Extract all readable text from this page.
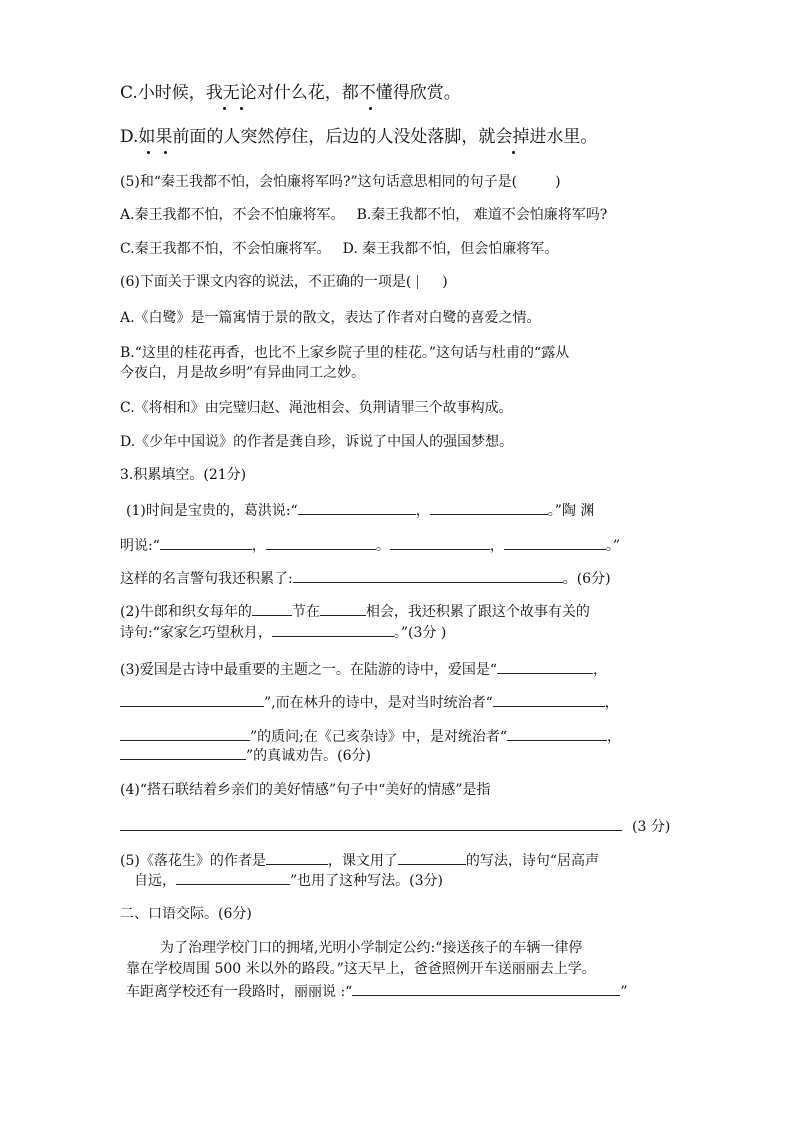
C.小时候，我无论对什么花，都不懂得欣赏。
D.如果前面的人突然停住，后边的人没处落脚，就会掉进水里。
(5)和“秦王我都不怕，会怕廉将军吗?”这句话意思相同的句子是(	)
A.秦王我都不怕，不会不怕廉将军。 B.秦王我都不怕， 难道不会怕廉将军吗?
C.秦王我都不怕，不会怕廉将军。 D. 秦王我都不怕，但会怕廉将军。
(6)下面关于课文内容的说法，不正确的一项是( )
A.《白鹭》是一篇寓情于景的散文，表达了作者对白鹭的喜爱之情。
B.“这里的桂花再香，也比不上家乡院子里的桂花。”这句话与杜甫的“露从
今夜白，月是故乡明”有异曲同工之妙。
C.《将相和》由完璧归赵、渑池相会、负荆请罪三个故事构成。
D.《少年中国说》的作者是龚自珍，诉说了中国人的强国梦想。
3.积累填空。(21分)
(1)时间是宝贵的，葛洪说:“	，	。”陶 渊
明说:“	，	。	，	。”
这样的名言警句我还积累了:	。(6分)
(2)牛郎和织女每年的	节在	相会，我还积累了跟这个故事有关的
诗句:“家家乞巧望秋月，	。”(3分 )
(3)爱国是古诗中最重要的主题之一。在陆游的诗中，爱国是“	，
”,而在林升的诗中，是对当时统治者“	，
”的质问;在《己亥杂诗》中，是对统治者“	，
”的真诚劝告。(6分)
(4)“搭石联结着乡亲们的美好情感”句子中“美好的情感”是指
(3 分)
(5)《落花生》的作者是	，课文用了	的写法，诗句“居高声
自远，	”也用了这种写法。(3分)
二、口语交际。(6分)
为了治理学校门口的拥堵,光明小学制定公约:“接送孩子的车辆一律停
靠在学校周围 500 米以外的路段。”这天早上，爸爸照例开车送丽丽去上学。
车距离学校还有一段路时，丽丽说 :“	”
